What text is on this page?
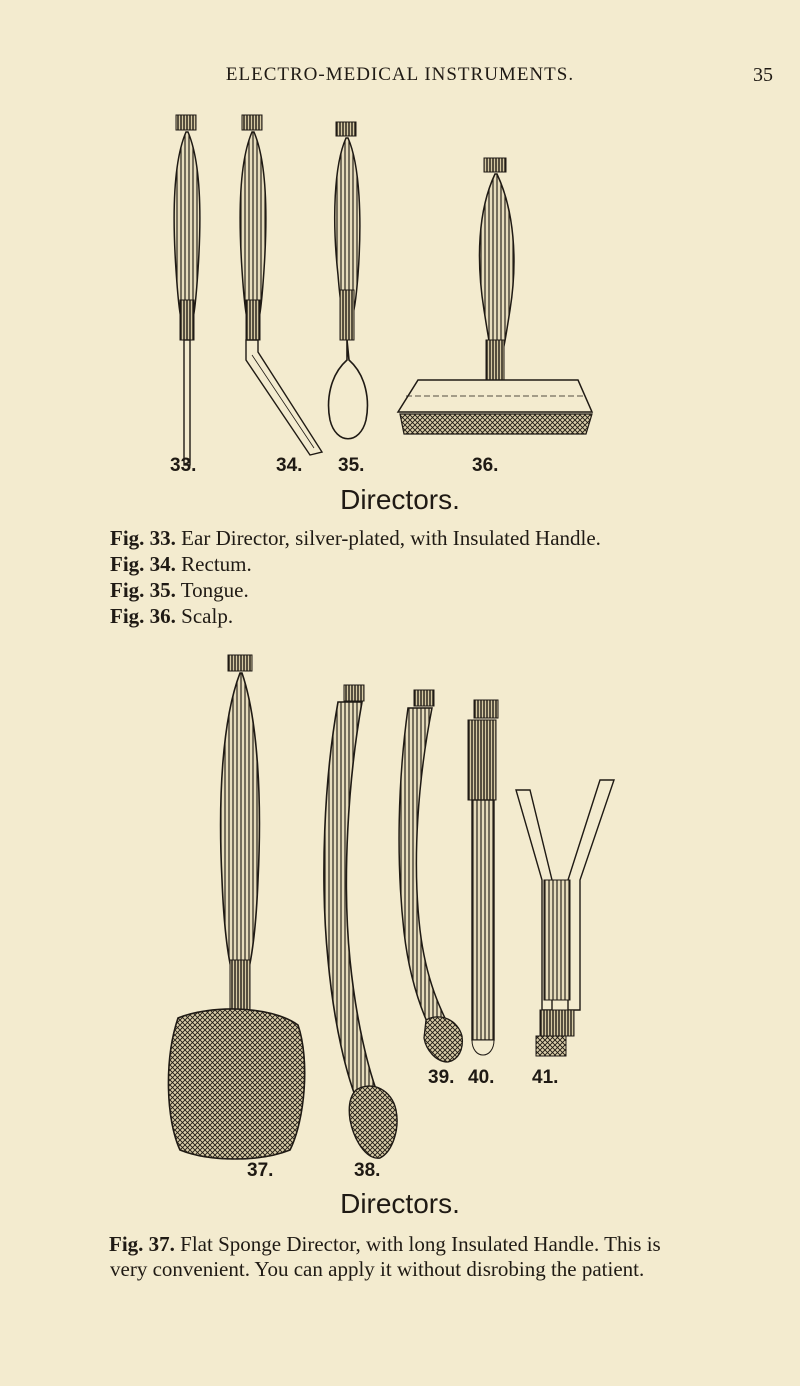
ELECTRO-MEDICAL INSTRUMENTS.	35
33.	34. 35.	36.
Directors.
Fig. 33. Ear Director, silver-plated, with Insulated Handle.
Fig. 34. Rectum.
Fig. 35. Tongue.
Fig. 36. Scalp.
37.	38.
39. 40. 41.
Directors.
Fig. 37. Flat Sponge Director, with long Insulated Handle. This is very convenient. You can apply it without disrobing the patient.
